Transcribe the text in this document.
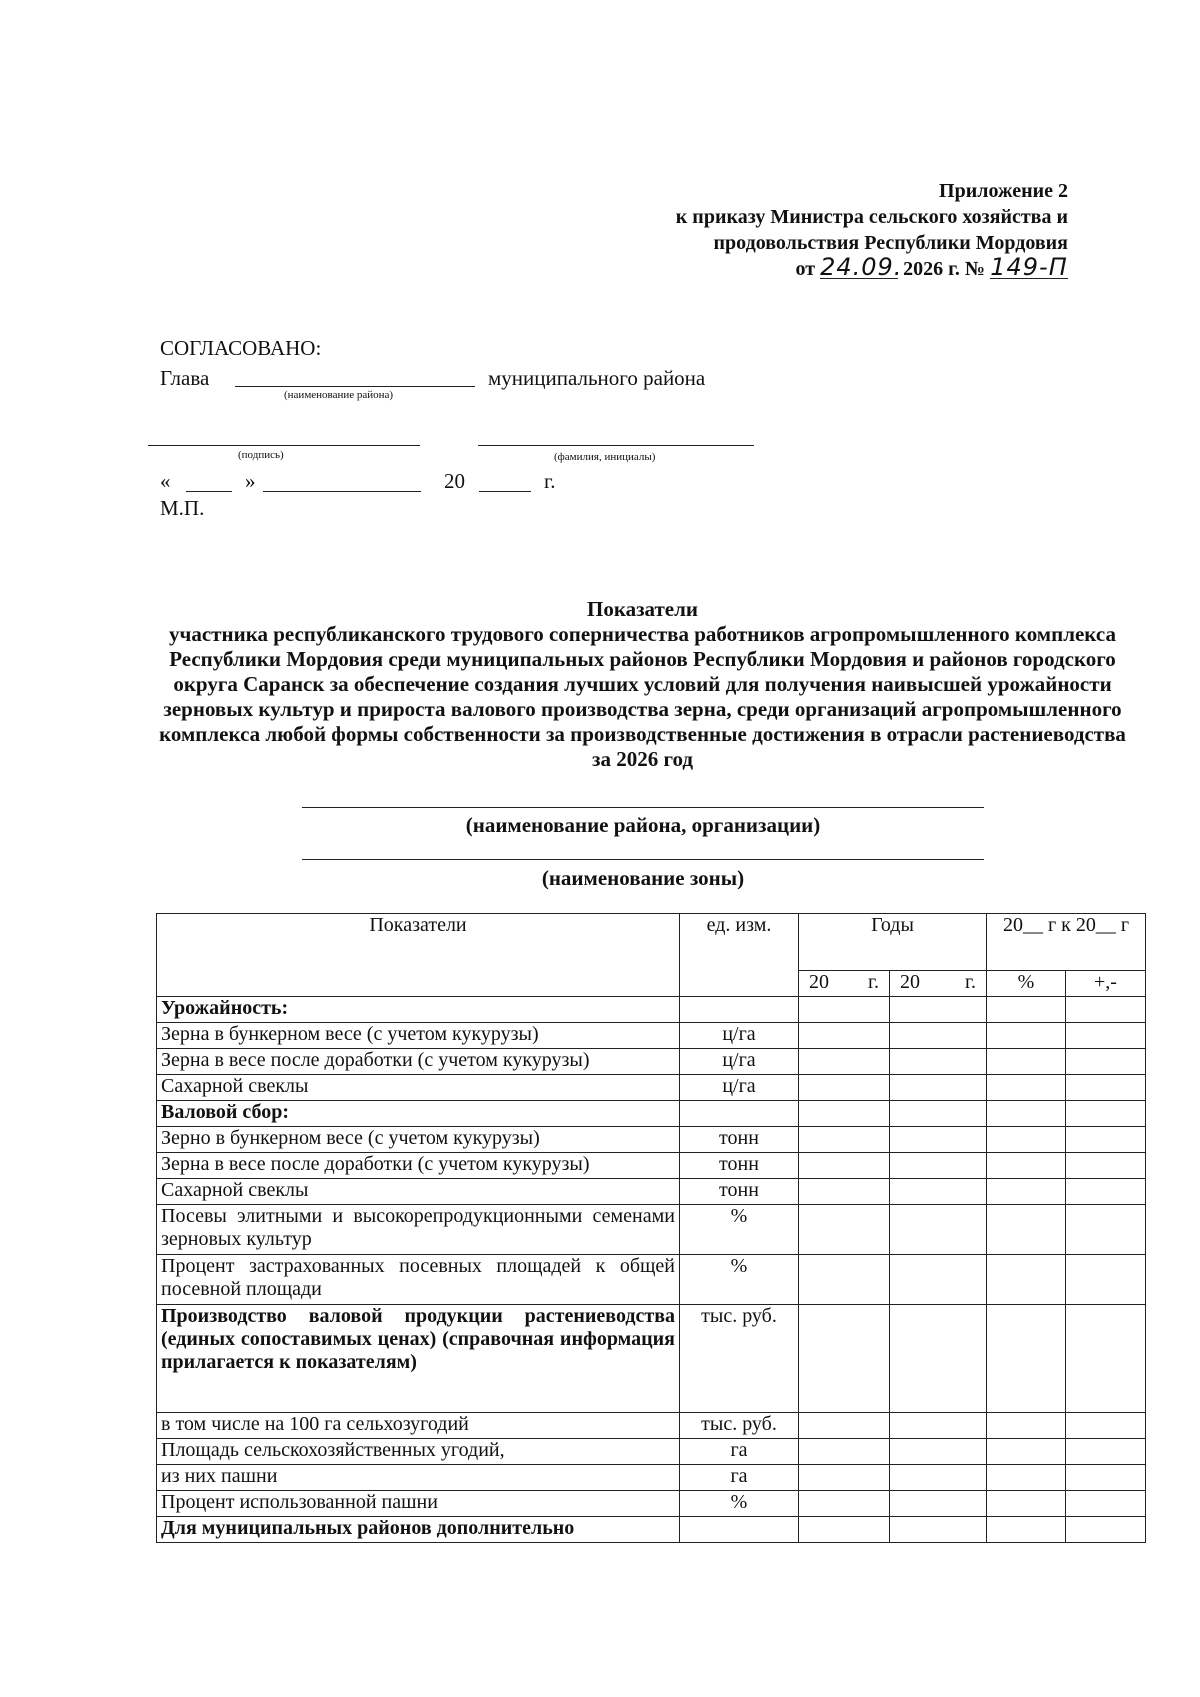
Приложение 2
к приказу Министра сельского хозяйства и
продовольствия Республики Мордовия
от 24.09. 2026 г. № 149-П
СОГЛАСОВАНО:
Глава	муниципального района
(наименование района)
(подпись)	(фамилия, инициалы)
«	»	20	г.
М.П.
Показатели
участника республиканского трудового соперничества работников агропромышленного комплекса Республики Мордовия среди муниципальных районов Республики Мордовия и районов городского округа Саранск за обеспечение создания лучших условий для получения наивысшей урожайности зерновых культур и прироста валового производства зерна, среди организаций агропромышленного комплекса любой формы собственности за производственные достижения в отрасли растениеводства за 2026 год
(наименование района, организации)
(наименование зоны)
Показатели	ед. изм.	Годы		20__ г к 20__ г	

		20 г.	20 г.	%	+,-
Урожайность:					
Зерна в бункерном весе (с учетом кукурузы)	ц/га				
Зерна в весе после доработки (с учетом кукурузы)	ц/га				
Сахарной свеклы	ц/га				
Валовой сбор:					
Зерно в бункерном весе (с учетом кукурузы)	тонн				
Зерна в весе после доработки (с учетом кукурузы)	тонн				
Сахарной свеклы	тонн				
Посевы элитными и высокорепродукционными семенами зерновых культур	%				
Процент застрахованных посевных площадей к общей посевной площади	%				
Производство валовой продукции растениеводства (единых сопоставимых ценах) (справочная информация прилагается к показателям)	тыс. руб.				
в том числе на 100 га сельхозугодий	тыс. руб.				
Площадь сельскохозяйственных угодий,	га				
из них пашни	га				
Процент использованной пашни	%				
Для муниципальных районов дополнительно					
